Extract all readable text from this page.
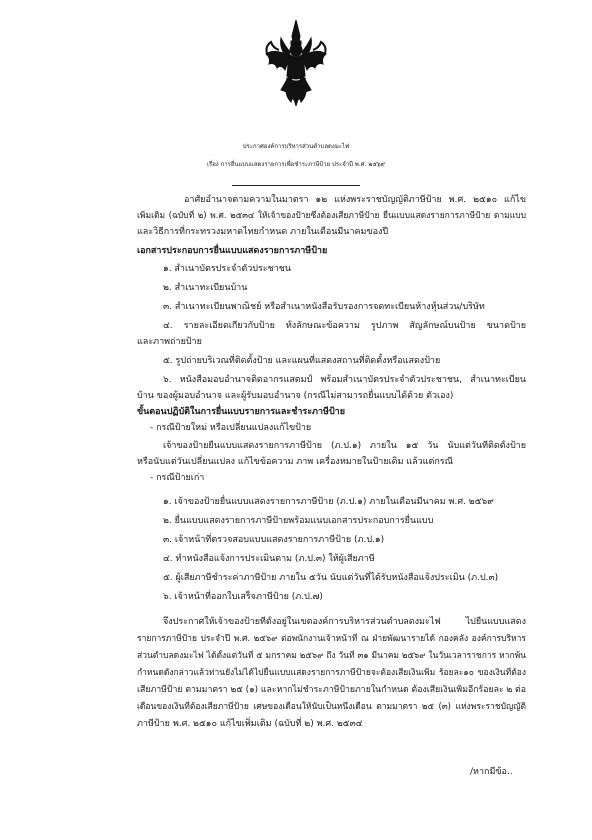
ประกาศองค์การบริหารส่วนตำบลดงมะไฟ
เรื่อง การยื่นแบบแสดงรายการเพื่อชำระภาษีป้าย ประจำปี พ.ศ. ๒๕๖๙
อาศัยอำนาจตามความในมาตรา ๑๒ แห่งพระราชบัญญัติภาษีป้าย พ.ศ. ๒๕๑๐ แก้ไข
เพิ่มเติม (ฉบับที่ ๒) พ.ศ. ๒๕๓๔ ให้เจ้าของป้ายซึ่งต้องเสียภาษีป้าย ยื่นแบบแสดงรายการภาษีป้าย ตามแบบ
และวิธีการที่กระทรวงมหาดไทยกำหนด ภายในเดือนมีนาคมของปี
เอกสารประกอบการยื่นแบบแสดงรายการภาษีป้าย
๑. สำเนาบัตรประจำตัวประชาชน
๒. สำเนาทะเบียนบ้าน
๓. สำเนาทะเบียนพาณิชย์ หรือสำเนาหนังสือรับรองการจดทะเบียนห้างหุ้นส่วน/บริษัท
๔. รายละเอียดเกี่ยวกับป้าย ทั้งลักษณะข้อความ รูปภาพ สัญลักษณ์บนป้าย ขนาดป้าย
และภาพถ่ายป้าย
๕. รูปถ่ายบริเวณที่ติดตั้งป้าย และแผนที่แสดงสถานที่ติดตั้งหรือแสดงป้าย
๖. หนังสือมอบอำนาจติดอากรแสตมป์ พร้อมสำเนาบัตรประจำตัวประชาชน, สำเนาทะเบียน
บ้าน ของผู้มอบอำนาจ และผู้รับมอบอำนาจ (กรณีไม่สามารถยื่นแบบได้ด้วย ตัวเอง)
ขั้นตอนปฏิบัติในการยื่นแบบรายการและชำระภาษีป้าย
- กรณีป้ายใหม่ หรือเปลี่ยนแปลงแก้ไขป้าย
เจ้าของป้ายยื่นแบบแสดงรายการภาษีป้าย (ภ.ป.๑) ภายใน ๑๕ วัน นับแต่วันที่ติดตั้งป้าย
หรือนับแต่วันเปลี่ยนแปลง แก้ไขข้อความ ภาพ เครื่องหมายในป้ายเดิม แล้วแต่กรณี
- กรณีป้ายเก่า
๑. เจ้าของป้ายยื่นแบบแสดงรายการภาษีป้าย (ภ.ป.๑) ภายในเดือนมีนาคม พ.ศ. ๒๕๖๙
๒. ยื่นแบบแสดงรายการภาษีป้ายพร้อมแนบเอกสารประกอบการยื่นแบบ
๓. เจ้าหน้าที่ตรวจสอบแบบแสดงรายการภาษีป้าย (ภ.ป.๑)
๔. ทำหนังสือแจ้งการประเมินตาม (ภ.ป.๓) ให้ผู้เสียภาษี
๕. ผู้เสียภาษีชำระค่าภาษีป้าย ภายใน ๕วัน นับแต่วันที่ได้รับหนังสือแจ้งประเมิน (ภ.ป.๓)
๖. เจ้าหน้าที่ออกใบเสร็จภาษีป้าย (ภ.ป.๗)
จึงประกาศให้เจ้าของป้ายที่ตั้งอยู่ในเขตองค์การบริหารส่วนตำบลดงมะไฟ ไปยื่นแบบแสดง
รายการภาษีป้าย ประจำปี พ.ศ. ๒๕๖๙ ต่อพนักงานเจ้าหน้าที่ ณ ฝ่ายพัฒนารายได้ กองคลัง องค์การบริหาร
ส่วนตำบลดงมะไฟ ได้ตั้งแต่วันที่ ๕ มกราคม ๒๕๖๙ ถึง วันที่ ๓๑ มีนาคม ๒๕๖๙ ในวันเวลาราชการ หากพ้น
กำหนดดังกล่าวแล้วท่านยังไม่ได้ไปยื่นแบบแสดงรายการภาษีป้ายจะต้องเสียเงินเพิ่ม ร้อยละ๑๐ ของเงินที่ต้อง
เสียภาษีป้าย ตามมาตรา ๒๕ (๑) และหากไม่ชำระภาษีป้ายภายในกำหนด ต้องเสียเงินเพิ่มอีกร้อยละ ๒ ต่อ
เดือนของเงินที่ต้องเสียภาษีป้าย เศษของเดือนให้นับเป็นหนึ่งเดือน ตามมาตรา ๒๕ (๓) แห่งพระราชบัญญัติ
ภาษีป้าย พ.ศ. ๒๕๑๐ แก้ไขเพิ่มเติม (ฉบับที่ ๒) พ.ศ. ๒๕๓๔
/หากมีข้อ..
